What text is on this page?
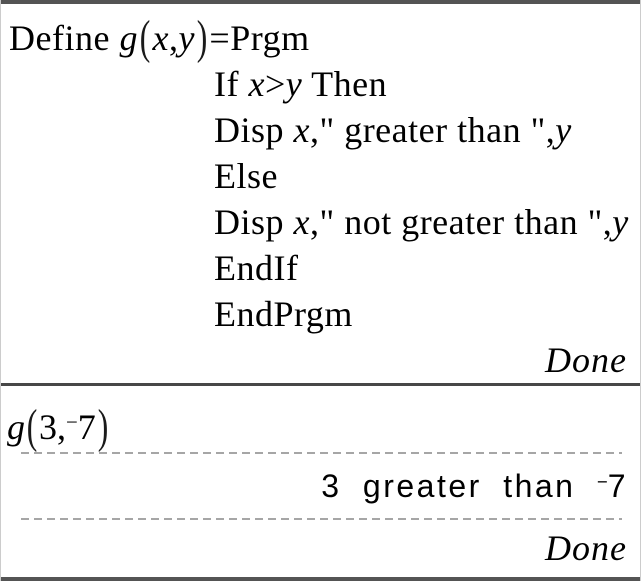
Define g(x,y)=Prgm
If x>y Then
Disp x," greater than ",y
Else
Disp x," not greater than ",y
EndIf
EndPrgm
Done
g(3,−7)
3 greater than −7
Done
